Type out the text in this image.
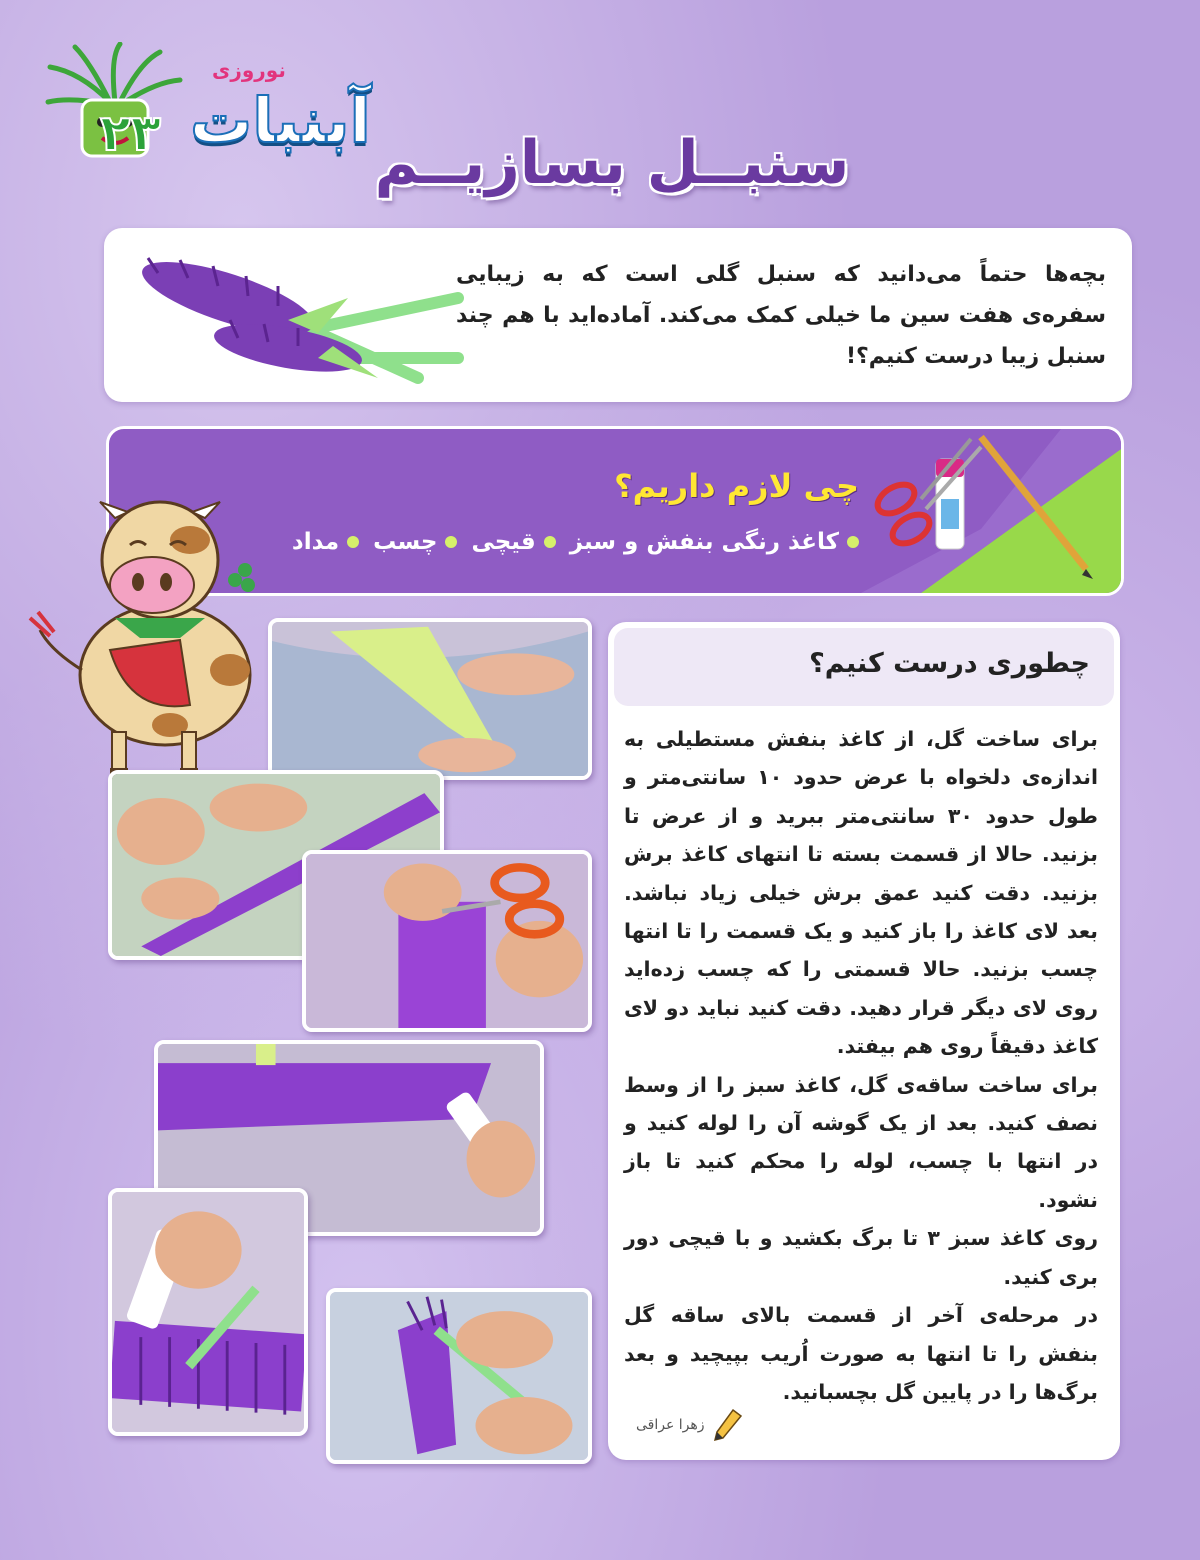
نوروزی
آبنبات
۲۳	سنبــل بسازیــم
بچه‌ها حتماً می‌دانید که سنبل گلی است که به زیبایی سفره‌ی هفت سین ما خیلی کمک می‌کند. آماده‌اید با هم چند سنبل زیبا درست کنیم؟!
چی لازم داریم؟
کاغذ رنگی بنفش و سبز
قیچی
چسب
مداد
چطوری درست کنیم؟

برای ساخت گل، از کاغذ بنفش مستطیلی به اندازه‌ی دلخواه با عرض حدود ۱۰ سانتی‌متر و طول حدود ۳۰ سانتی‌متر ببرید و از عرض تا بزنید. حالا از قسمت بسته تا انتهای کاغذ برش بزنید. دقت کنید عمق برش خیلی زیاد نباشد. بعد لای کاغذ را باز کنید و یک قسمت را تا انتها چسب بزنید. حالا قسمتی را که چسب زده‌اید روی لای دیگر قرار دهید. دقت کنید نباید دو لای کاغذ دقیقاً روی هم بیفتد.

برای ساخت ساقه‌ی گل، کاغذ سبز را از وسط نصف کنید. بعد از یک گوشه آن را لوله کنید و در انتها با چسب، لوله را محکم کنید تا باز نشود.

روی کاغذ سبز ۳ تا برگ بکشید و با قیچی دور بری کنید.

در مرحله‌ی آخر از قسمت بالای ساقه گل بنفش را تا انتها به صورت اُریب بپیچید و بعد برگ‌ها را در پایین گل بچسبانید.

زهرا عراقی
